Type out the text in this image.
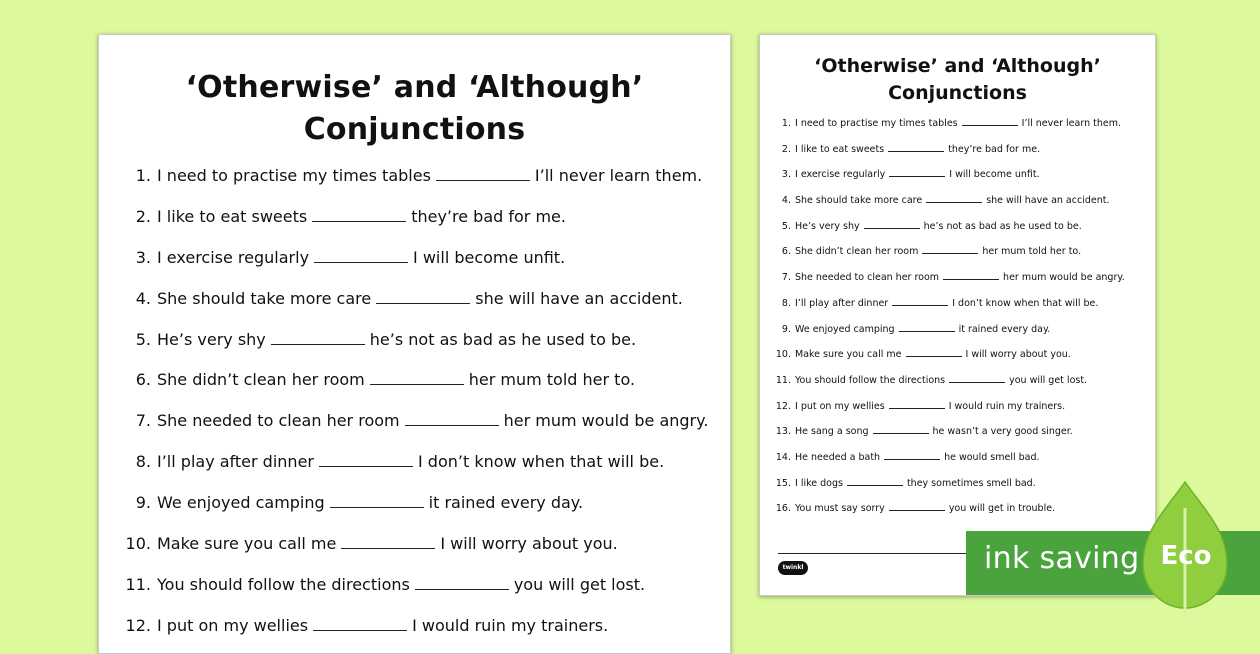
‘Otherwise’ and ‘Although’
Conjunctions
1. I need to practise my times tables	I’ll never learn them.
2. I like to eat sweets	they’re bad for me.
3. I exercise regularly	I will become unfit.
4. She should take more care	she will have an accident.
5. He’s very shy	he’s not as bad as he used to be.
6. She didn’t clean her room	her mum told her to.
7. She needed to clean her room	her mum would be angry.
8. I’ll play after dinner	I don’t know when that will be.
9. We enjoyed camping	it rained every day.
10. Make sure you call me	I will worry about you.
11. You should follow the directions	you will get lost.
12. I put on my wellies	I would ruin my trainers.
‘Otherwise’ and ‘Although’
Conjunctions
1. I need to practise my times tables	I’ll never learn them.
2. I like to eat sweets	they’re bad for me.
3. I exercise regularly	I will become unfit.
4. She should take more care	she will have an accident.
5. He’s very shy	he’s not as bad as he used to be.
6. She didn’t clean her room	her mum told her to.
7. She needed to clean her room	her mum would be angry.
8. I’ll play after dinner	I don’t know when that will be.
9. We enjoyed camping	it rained every day.
10. Make sure you call me	I will worry about you.
11. You should follow the directions	you will get lost.
12. I put on my wellies	I would ruin my trainers.
13. He sang a song	he wasn’t a very good singer.
14. He needed a bath	he would smell bad.
15. I like dogs	they sometimes smell bad.
16. You must say sorry	you will get in trouble.
twinkl	ink saving Eco
